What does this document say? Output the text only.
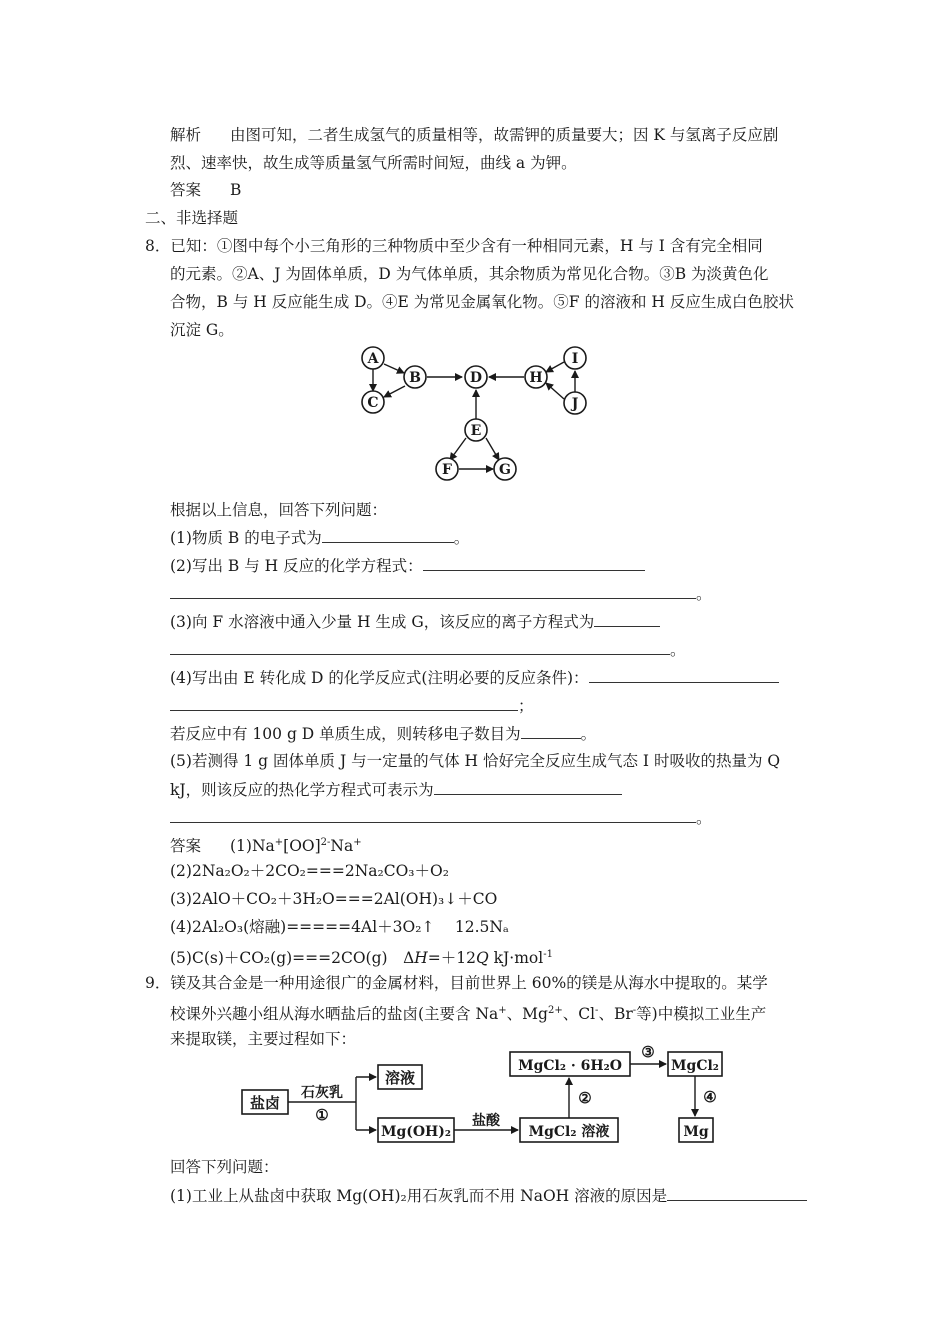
解析 由图可知，二者生成氢气的质量相等，故需钾的质量要大；因 K 与氢离子反应剧
烈、速率快，故生成等质量氢气所需时间短，曲线 a 为钾。
答案 B
二、非选择题
8．已知：①图中每个小三角形的三种物质中至少含有一种相同元素，H 与 I 含有完全相同
的元素。②A、J 为固体单质，D 为气体单质，其余物质为常见化合物。③B 为淡黄色化
合物，B 与 H 反应能生成 D。④E 为常见金属氧化物。⑤F 的溶液和 H 反应生成白色胶状
沉淀 G。
A
B
C
D	H
I
J
E
F	G
根据以上信息，回答下列问题：
(1)物质 B 的电子式为	。
(2)写出 B 与 H 反应的化学方程式：
。
(3)向 F 水溶液中通入少量 H 生成 G，该反应的离子方程式为
。
(4)写出由 E 转化成 D 的化学反应式(注明必要的反应条件)：
；
若反应中有 100 g D 单质生成，则转移电子数目为	。
(5)若测得 1 g 固体单质 J 与一定量的气体 H 恰好完全反应生成气态 I 时吸收的热量为 Q
kJ，则该反应的热化学方程式可表示为
。
答案 (1)Na+[OO]$^{2-}$Na+
(2)2Na₂O₂＋2CO₂===2Na₂CO₃＋O₂
(3)2AlO＋CO₂＋3H₂O===2Al(OH)₃↓＋CO
(4)2Al₂O₃(熔融)=====4Al＋3O₂↑　 12.5Nₐ
(5)C(s)＋CO₂(g)===2CO(g)　ΔH=＋12Q kJ·mol$^{-1}$
9．镁及其合金是一种用途很广的金属材料，目前世界上 60%的镁是从海水中提取的。某学
校课外兴趣小组从海水晒盐后的盐卤(主要含 Na+、$Mg^{2+}$、Cl-、Br-等)中模拟工业生产
来提取镁，主要过程如下：
盐卤
溶液
Mg(OH)₂	MgCl₂ 溶液
MgCl₂ · 6H₂O	MgCl₂
Mg
石灰乳
①	盐酸
②
③
④
回答下列问题：
(1)工业上从盐卤中获取 Mg(OH)₂用石灰乳而不用 NaOH 溶液的原因是
